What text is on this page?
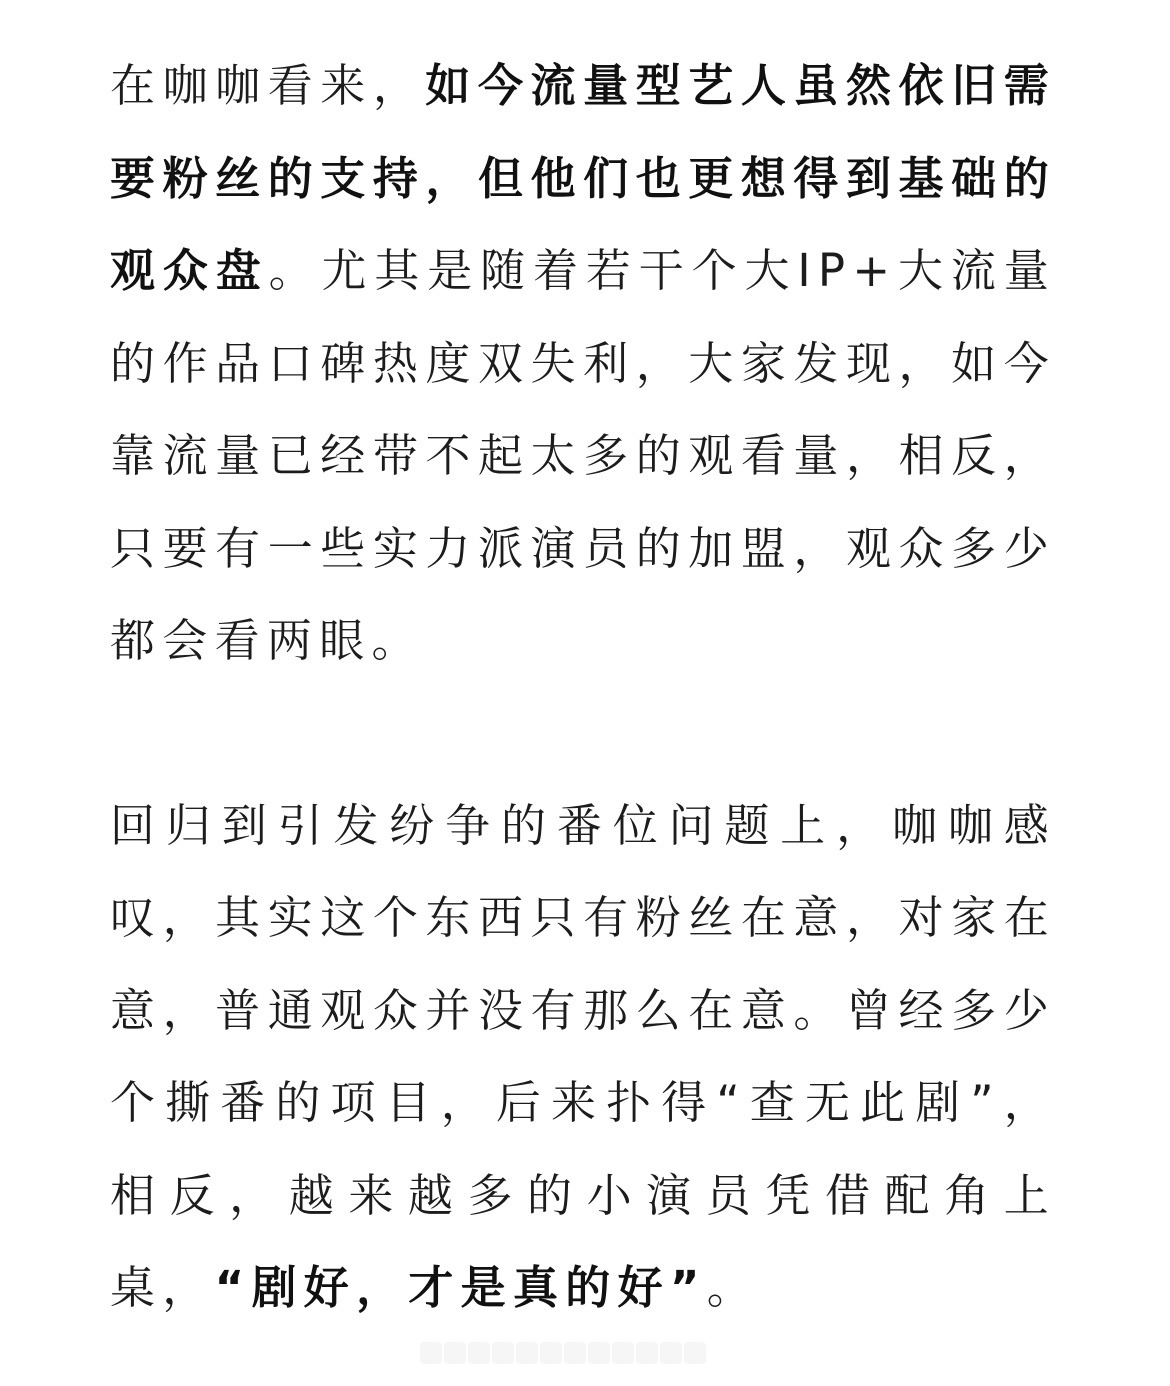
在咖咖看来，如今流量型艺人虽然依旧需要粉丝的支持，但他们也更想得到基础的观众盘。尤其是随着若干个大IP+大流量的作品口碑热度双失利，大家发现，如今靠流量已经带不起太多的观看量，相反，只要有一些实力派演员的加盟，观众多少都会看两眼。

回归到引发纷争的番位问题上，咖咖感叹，其实这个东西只有粉丝在意，对家在意，普通观众并没有那么在意。曾经多少个撕番的项目，后来扑得“查无此剧”，相反，越来越多的小演员凭借配角上桌，“剧好，才是真的好”。
